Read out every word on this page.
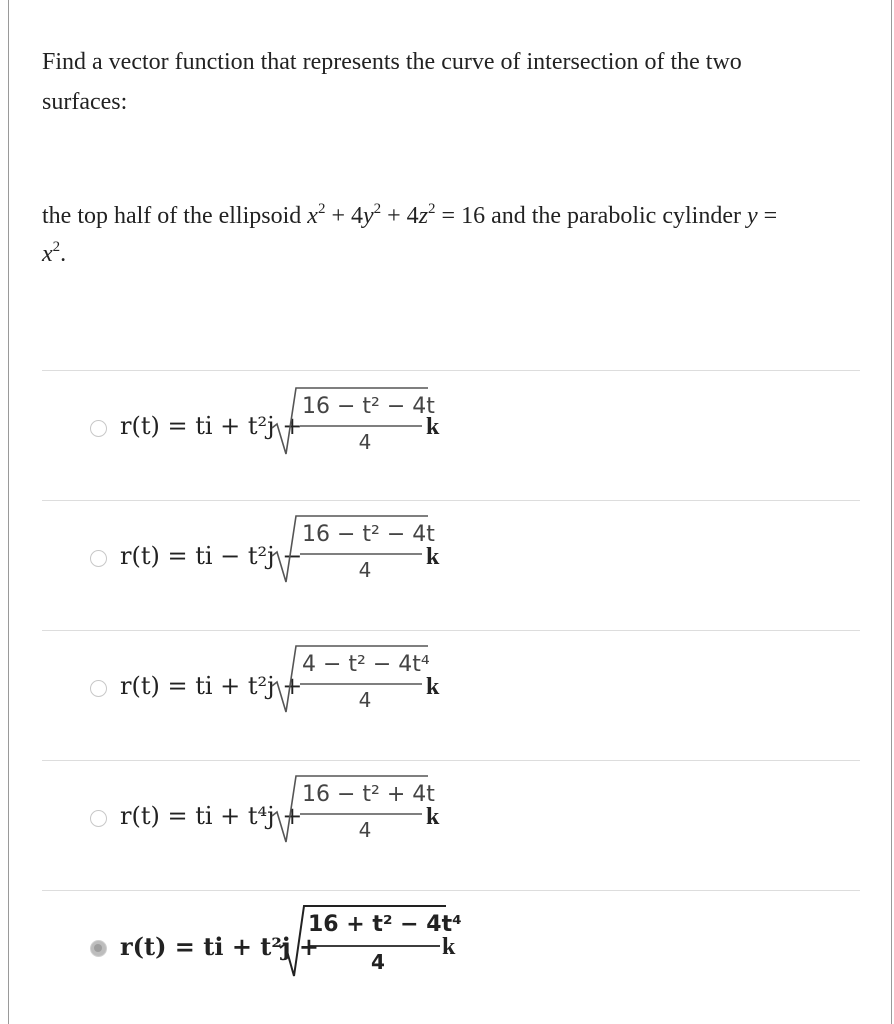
Find a vector function that represents the curve of intersection of the two
surfaces:
the top half of the ellipsoid $x^2 + 4y^2 + 4z^2 = 16$ and the parabolic cylinder y =
$x^2$.
r(t) = ti + t²j +
16 − t² − 4t
4
k
r(t) = ti − t²j −
16 − t² − 4t
4	k
r(t) = ti + t²j +
4 − t² − 4t⁴
4	k
r(t) = ti + t⁴j +
16 − t² + 4t
4	k
r(t) = ti + t²j +
16 + t² − 4t⁴
4
k
